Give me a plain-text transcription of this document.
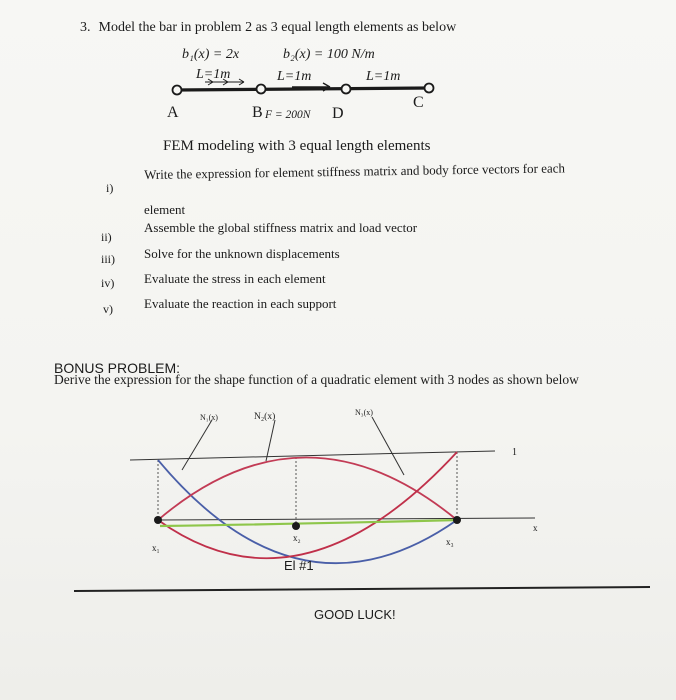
3. Model the bar in problem 2 as 3 equal length elements as below
b₁(x) = 2x	b₂(x) = 100 N/m
L=1m	L=1m	L=1m
A	B F = 200N D
C
FEM modeling with 3 equal length elements
i)
Write the expression for element stiffness matrix and body force vectors for each
element
ii)
Assemble the global stiffness matrix and load vector
iii) Solve for the unknown displacements
iv) Evaluate the stress in each element
v) Evaluate the reaction in each support
BONUS PROBLEM:
Derive the expression for the shape function of a quadratic element with 3 nodes as shown below
N₁(x)	N₂(x)	N₃(x)
1
x
x₁
x₂	x₃
El #1
GOOD LUCK!
